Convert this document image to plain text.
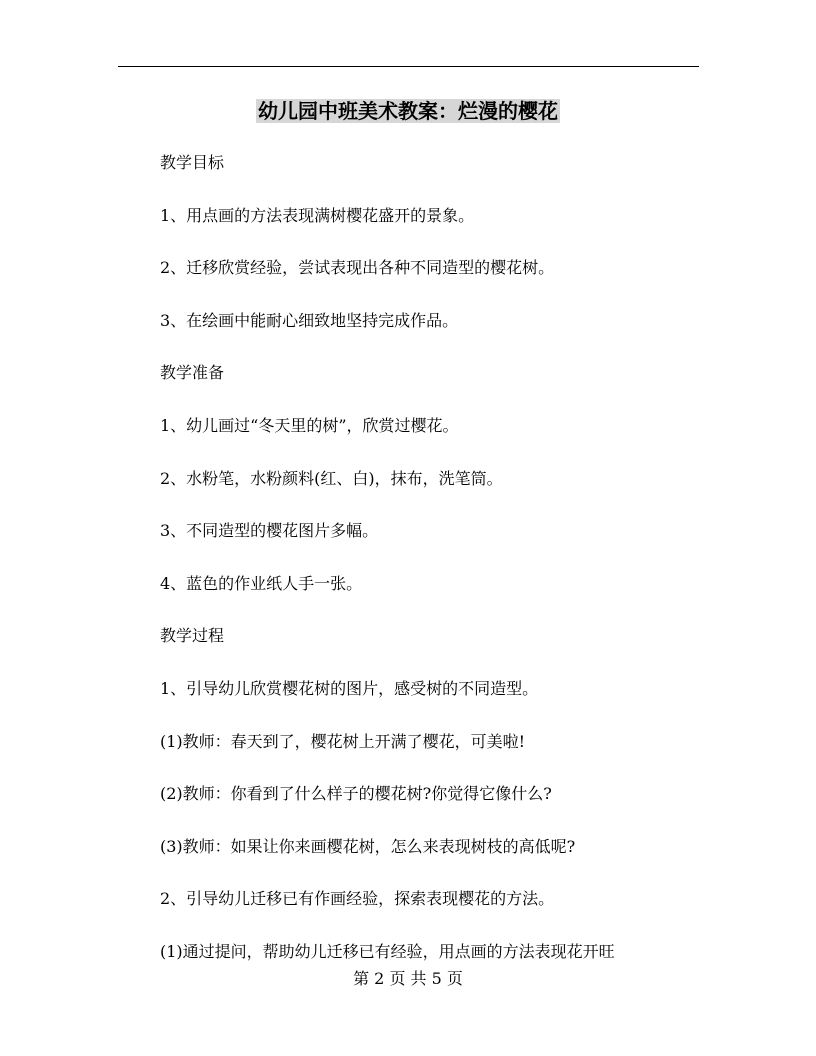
幼儿园中班美术教案：烂漫的樱花
教学目标
1、用点画的方法表现满树樱花盛开的景象。
2、迁移欣赏经验，尝试表现出各种不同造型的樱花树。
3、在绘画中能耐心细致地坚持完成作品。
教学准备
1、幼儿画过“冬天里的树”，欣赏过樱花。
2、水粉笔，水粉颜料(红、白)，抹布，洗笔筒。
3、不同造型的樱花图片多幅。
4、蓝色的作业纸人手一张。
教学过程
1、引导幼儿欣赏樱花树的图片，感受树的不同造型。
(1)教师：春天到了，樱花树上开满了樱花，可美啦!
(2)教师：你看到了什么样子的樱花树?你觉得它像什么?
(3)教师：如果让你来画樱花树，怎么来表现树枝的高低呢?
2、引导幼儿迁移已有作画经验，探索表现樱花的方法。
(1)通过提问，帮助幼儿迁移已有经验，用点画的方法表现花开旺
第 2 页 共 5 页
